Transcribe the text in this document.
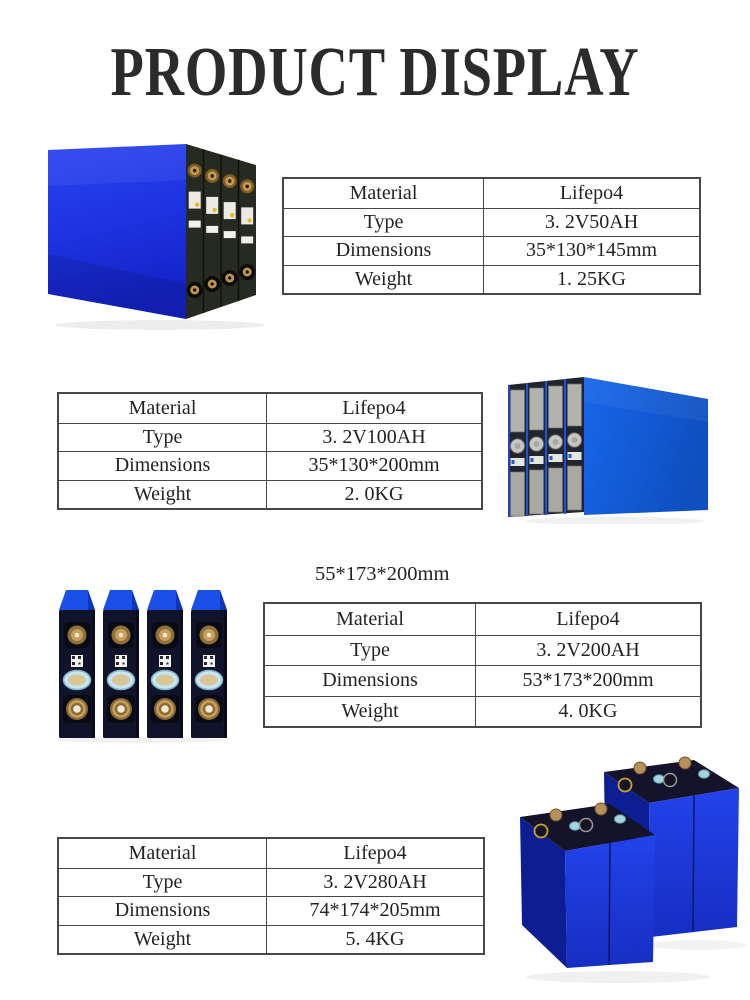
PRODUCT DISPLAY
Material	Lifepo4
Type	3. 2V50AH
Dimensions	35*130*145mm
Weight	1. 25KG
Material	Lifepo4
Type	3. 2V100AH
Dimensions	35*130*200mm
Weight	2. 0KG
55*173*200mm
Material	Lifepo4
Type	3. 2V200AH
Dimensions	53*173*200mm
Weight	4. 0KG
Material	Lifepo4
Type	3. 2V280AH
Dimensions	74*174*205mm
Weight	5. 4KG
